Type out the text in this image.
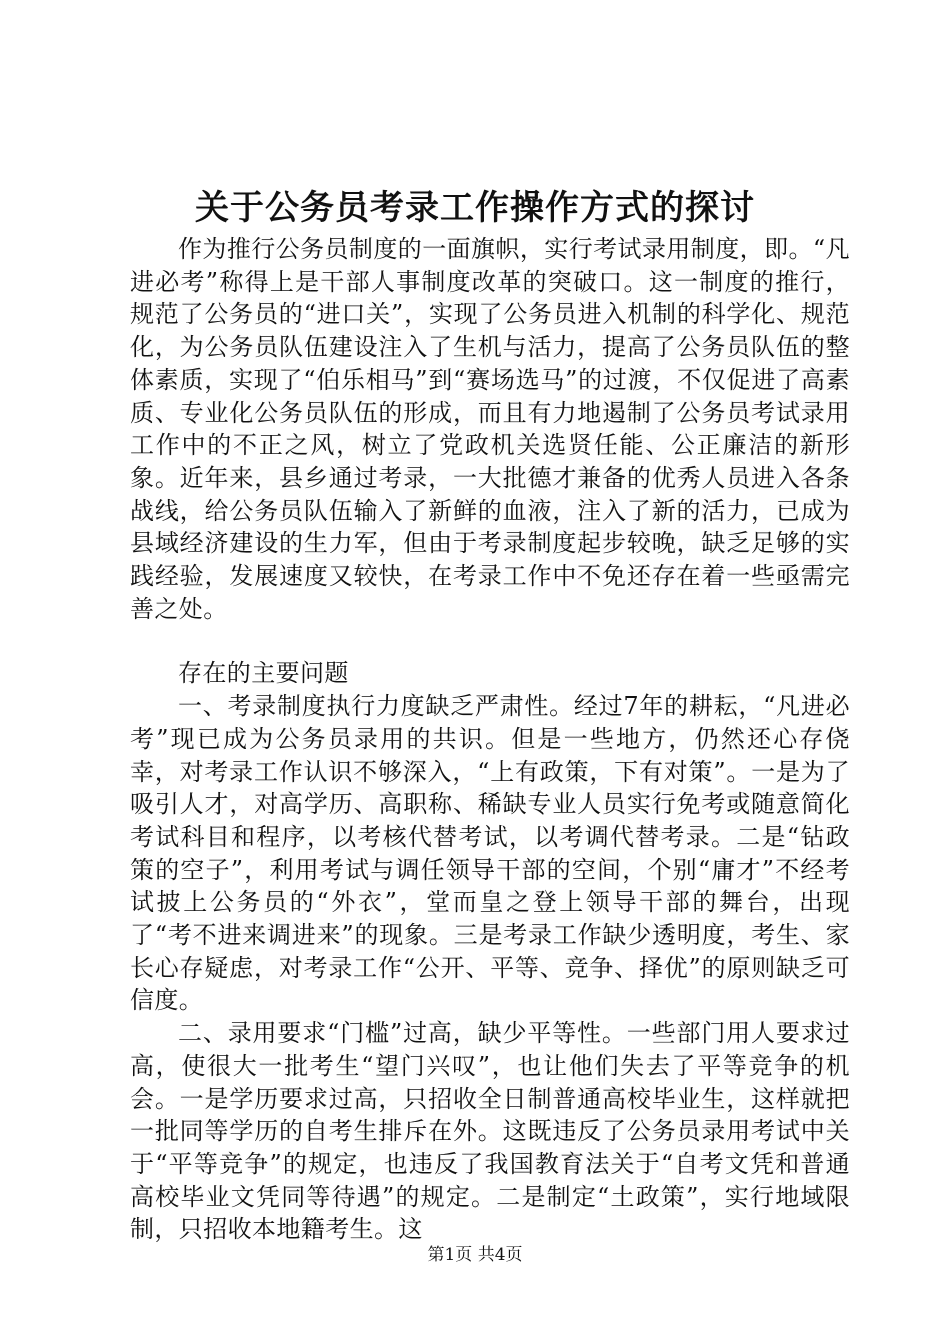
关于公务员考录工作操作方式的探讨

作为推行公务员制度的一面旗帜，实行考试录用制度，即。“凡进必考”称得上是干部人事制度改革的突破口。这一制度的推行，规范了公务员的“进口关”，实现了公务员进入机制的科学化、规范化，为公务员队伍建设注入了生机与活力，提高了公务员队伍的整体素质，实现了“伯乐相马”到“赛场选马”的过渡，不仅促进了高素质、专业化公务员队伍的形成，而且有力地遏制了公务员考试录用工作中的不正之风，树立了党政机关选贤任能、公正廉洁的新形象。近年来，县乡通过考录，一大批德才兼备的优秀人员进入各条战线，给公务员队伍输入了新鲜的血液，注入了新的活力，已成为县域经济建设的生力军，但由于考录制度起步较晚，缺乏足够的实践经验，发展速度又较快，在考录工作中不免还存在着一些亟需完善之处。

存在的主要问题

一、考录制度执行力度缺乏严肃性。经过7年的耕耘，“凡进必考”现已成为公务员录用的共识。但是一些地方，仍然还心存侥幸，对考录工作认识不够深入，“上有政策，下有对策”。一是为了吸引人才，对高学历、高职称、稀缺专业人员实行免考或随意简化考试科目和程序，以考核代替考试，以考调代替考录。二是“钻政策的空子”，利用考试与调任领导干部的空间，个别“庸才”不经考试披上公务员的“外衣”，堂而皇之登上领导干部的舞台，出现了“考不进来调进来”的现象。三是考录工作缺少透明度，考生、家长心存疑虑，对考录工作“公开、平等、竞争、择优”的原则缺乏可信度。

二、录用要求“门槛”过高，缺少平等性。一些部门用人要求过高，使很大一批考生“望门兴叹”，也让他们失去了平等竞争的机会。一是学历要求过高，只招收全日制普通高校毕业生，这样就把一批同等学历的自考生排斥在外。这既违反了公务员录用考试中关于“平等竞争”的规定，也违反了我国教育法关于“自考文凭和普通高校毕业文凭同等待遇”的规定。二是制定“土政策”，实行地域限制，只招收本地籍考生。这

第1页 共4页
